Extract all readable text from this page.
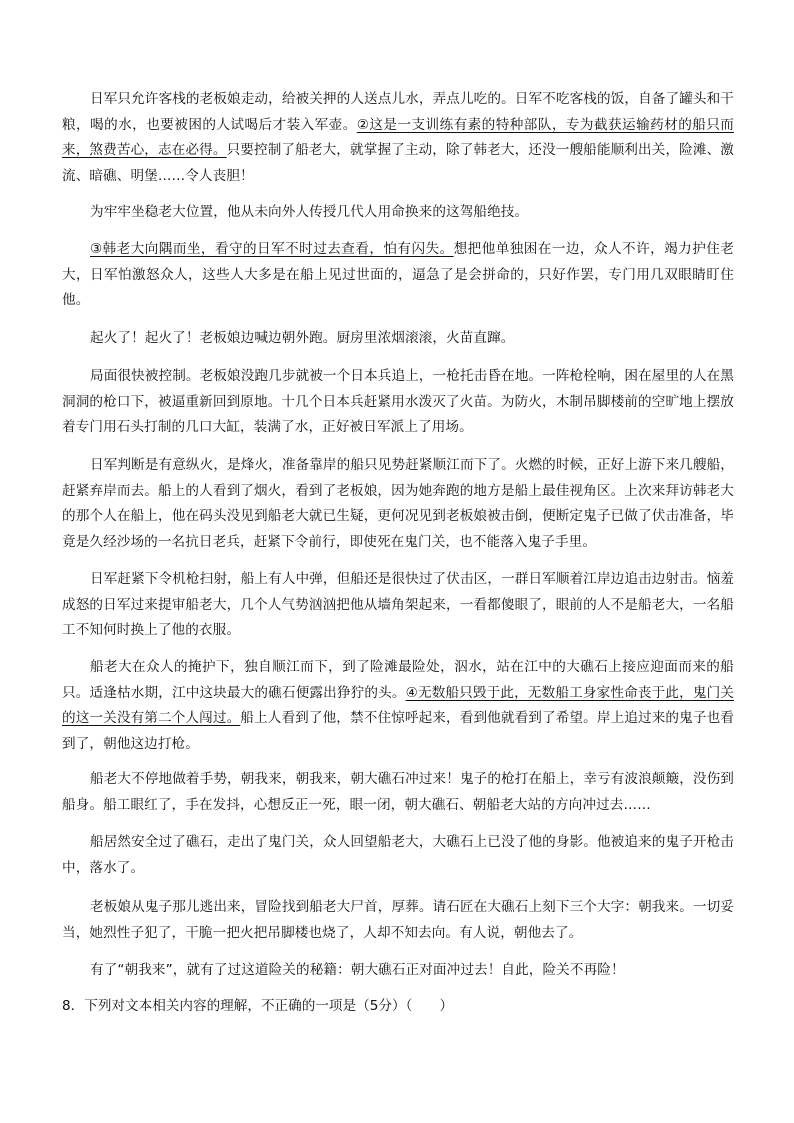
日军只允许客栈的老板娘走动，给被关押的人送点儿水，弄点儿吃的。日军不吃客栈的饭，自备了罐头和干粮，喝的水，也要被困的人试喝后才装入军壶。②这是一支训练有素的特种部队，专为截获运输药材的船只而来，煞费苦心，志在必得。只要控制了船老大，就掌握了主动，除了韩老大，还没一艘船能顺利出关，险滩、激流、暗礁、明堡……令人丧胆！

为牢牢坐稳老大位置，他从未向外人传授几代人用命换来的这驾船绝技。

③韩老大向隅而坐，看守的日军不时过去查看，怕有闪失。想把他单独困在一边，众人不许，竭力护住老大，日军怕激怒众人，这些人大多是在船上见过世面的，逼急了是会拼命的，只好作罢，专门用几双眼睛盯住他。

起火了！起火了！老板娘边喊边朝外跑。厨房里浓烟滚滚，火苗直蹿。

局面很快被控制。老板娘没跑几步就被一个日本兵追上，一枪托击昏在地。一阵枪栓响，困在屋里的人在黑洞洞的枪口下，被逼重新回到原地。十几个日本兵赶紧用水泼灭了火苗。为防火，木制吊脚楼前的空旷地上摆放着专门用石头打制的几口大缸，装满了水，正好被日军派上了用场。

日军判断是有意纵火，是烽火，准备靠岸的船只见势赶紧顺江而下了。火燃的时候，正好上游下来几艘船，赶紧弃岸而去。船上的人看到了烟火，看到了老板娘，因为她奔跑的地方是船上最佳视角区。上次来拜访韩老大的那个人在船上，他在码头没见到船老大就已生疑，更何况见到老板娘被击倒，便断定鬼子已做了伏击准备，毕竟是久经沙场的一名抗日老兵，赶紧下令前行，即使死在鬼门关，也不能落入鬼子手里。

日军赶紧下令机枪扫射，船上有人中弹，但船还是很快过了伏击区，一群日军顺着江岸边追击边射击。恼羞成怒的日军过来提审船老大，几个人气势汹汹把他从墙角架起来，一看都傻眼了，眼前的人不是船老大，一名船工不知何时换上了他的衣服。

船老大在众人的掩护下，独自顺江而下，到了险滩最险处，泅水，站在江中的大礁石上接应迎面而来的船只。适逢枯水期，江中这块最大的礁石便露出狰狞的头。④无数船只毁于此，无数船工身家性命丧于此，鬼门关的这一关没有第二个人闯过。船上人看到了他，禁不住惊呼起来，看到他就看到了希望。岸上追过来的鬼子也看到了，朝他这边打枪。

船老大不停地做着手势，朝我来，朝我来，朝大礁石冲过来！鬼子的枪打在船上，幸亏有波浪颠簸，没伤到船身。船工眼红了，手在发抖，心想反正一死，眼一闭，朝大礁石、朝船老大站的方向冲过去……

船居然安全过了礁石，走出了鬼门关，众人回望船老大，大礁石上已没了他的身影。他被追来的鬼子开枪击中，落水了。

老板娘从鬼子那儿逃出来，冒险找到船老大尸首，厚葬。请石匠在大礁石上刻下三个大字：朝我来。一切妥当，她烈性子犯了，干脆一把火把吊脚楼也烧了，人却不知去向。有人说，朝他去了。

有了“朝我来”，就有了过这道险关的秘籍：朝大礁石正对面冲过去！自此，险关不再险！

8．下列对文本相关内容的理解，不正确的一项是（5分）（　　）
